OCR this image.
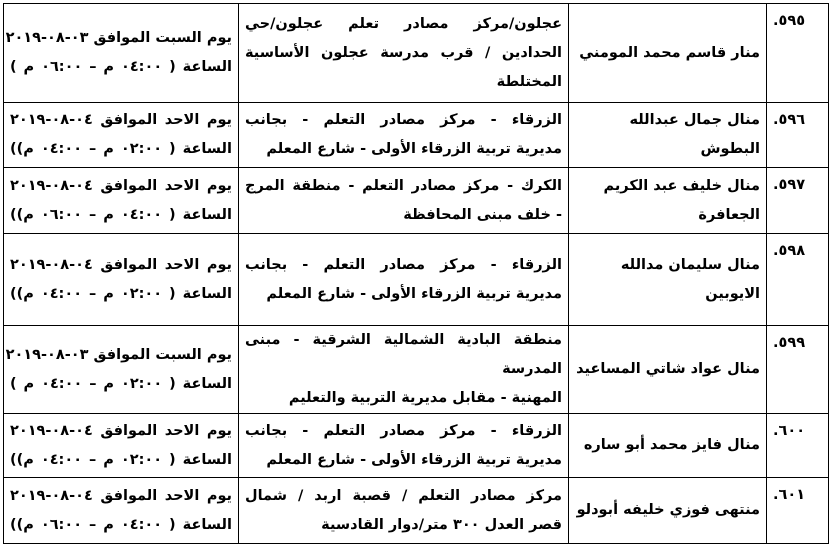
٥٩٥.	منار قاسم محمد المومني	عجلون/مركز مصادر تعلم عجلون/حي
الحدادين / قرب مدرسة عجلون الأساسية
المختلطة	يوم السبت الموافق ٠٣-٠٨-٢٠١٩
الساعة ( ٠٤:٠٠ م – ٠٦:٠٠ م )

٥٩٦.	منال جمال عبدالله البطوش	الزرقاء - مركز مصادر التعلم - بجانب
مديرية تربية الزرقاء الأولى - شارع المعلم	يوم الاحد الموافق ٠٤-٠٨-٢٠١٩
الساعة ( ٠٢:٠٠ م – ٠٤:٠٠ م))

٥٩٧.	منال خليف عبد الكريم الجعافرة	الكرك - مركز مصادر التعلم - منطقة المرج
- خلف مبنى المحافظة	يوم الاحد الموافق ٠٤-٠٨-٢٠١٩
الساعة ( ٠٤:٠٠ م – ٠٦:٠٠ م))

٥٩٨.	منال سليمان مدالله الايوبين	الزرقاء - مركز مصادر التعلم - بجانب
مديرية تربية الزرقاء الأولى - شارع المعلم	يوم الاحد الموافق ٠٤-٠٨-٢٠١٩
الساعة ( ٠٢:٠٠ م – ٠٤:٠٠ م))

٥٩٩.	منال عواد شاتي المساعيد	منطقة البادية الشمالية الشرقية - مبنى المدرسة
المهنية - مقابل مديرية التربية والتعليم	يوم السبت الموافق ٠٣-٠٨-٢٠١٩
الساعة ( ٠٢:٠٠ م – ٠٤:٠٠ م )

٦٠٠.	منال فايز محمد أبو ساره	الزرقاء - مركز مصادر التعلم - بجانب
مديرية تربية الزرقاء الأولى - شارع المعلم	يوم الاحد الموافق ٠٤-٠٨-٢٠١٩
الساعة ( ٠٢:٠٠ م – ٠٤:٠٠ م))

٦٠١.	منتهى فوزي خليفه أبودلو	مركز مصادر التعلم / قصبة اربد / شمال
قصر العدل ٣٠٠ متر/دوار القادسية	يوم الاحد الموافق ٠٤-٠٨-٢٠١٩
الساعة ( ٠٤:٠٠ م – ٠٦:٠٠ م))
